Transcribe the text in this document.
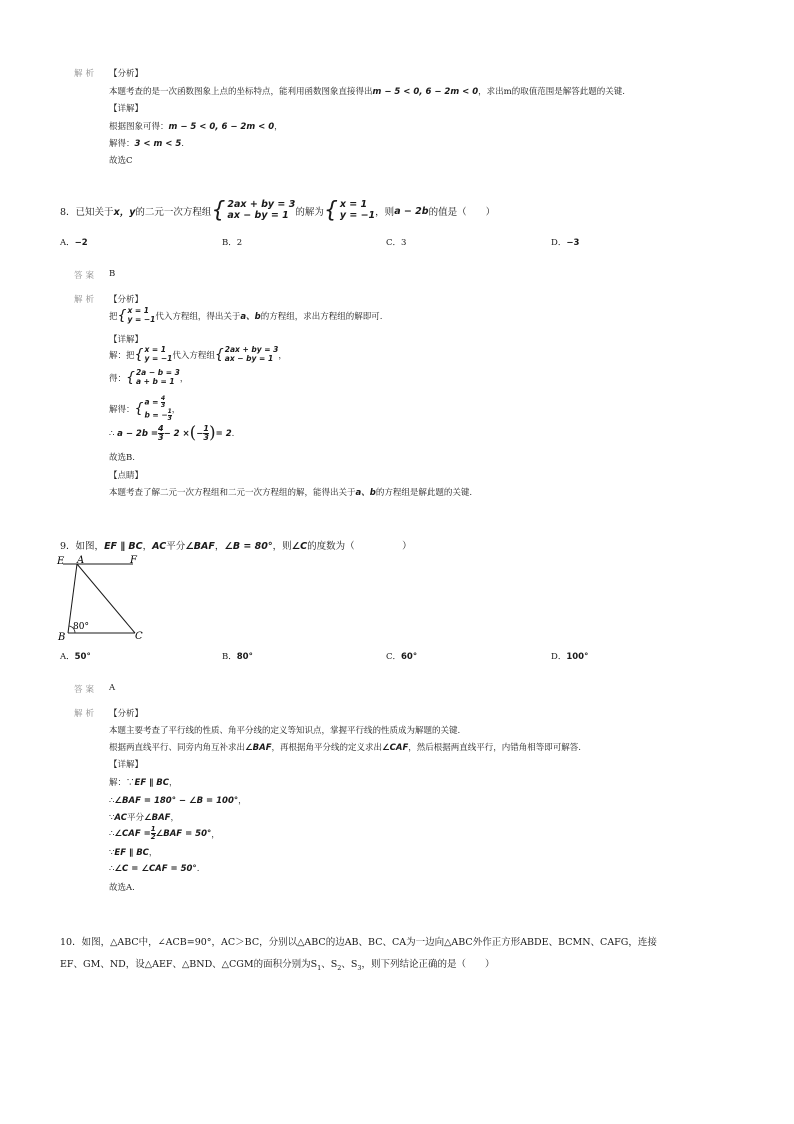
解析 【分析】
本题考查的是一次函数图象上点的坐标特点，能利用函数图象直接得出m − 5 < 0, 6 − 2m < 0，求出m的取值范围是解答此题的关键.
【详解】
根据图象可得：m − 5 < 0, 6 − 2m < 0，
解得：3 < m < 5.
故选C
8． 已知关于 x，y 的二元一次方程组 { 2ax + by = 3
ax − by = 1 的解为 { x = 1
y = −1 ，则 a − 2b 的值是（　　）
A．−2	B．2	C．3	D．−3
答案 B
解析 【分析】
把 { x = 1
y = −1 代入方程组，得出关于 a、b 的方程组，求出方程组的解即可.
【详解】
解：把 { x = 1
y = −1 代入方程组 { 2ax + by = 3
ax − by = 1 ，
得： { 2a − b = 3
a + b = 1 ，
解得： { $a = \frac{4}{3}$
b = − $\frac{1}{3}$ ，
∴
a − 2b =
4
3 − 2 × ( −
1
3 ) = 2 .
故选B.
【点睛】
本题考查了解二元一次方程组和二元一次方程组的解，能得出关于a、b的方程组是解此题的关键.
9．如图，EF ∥ BC，AC平分∠BAF，∠B = 80°，则∠C的度数为（　　　　　）
E A	F
B	C
80°
A．50°	B．80°	C．60°	D．100°
答案 A
解析 【分析】
本题主要考查了平行线的性质、角平分线的定义等知识点，掌握平行线的性质成为解题的关键.
根据两直线平行、同旁内角互补求出∠BAF，再根据角平分线的定义求出∠CAF，然后根据两直线平行，内错角相等即可解答.
【详解】
解：∵EF ∥ BC，
∴∠BAF = 180° − ∠B = 100°，
∵AC平分∠BAF，
∴ ∠CAF = $\frac{1}{2}$ ∠BAF = 50° ，
∵EF ∥ BC，
∴∠C = ∠CAF = 50°.
故选A.
10．如图，△ABC中，∠ACB=90°，AC＞BC，分别以△ABC的边AB、BC、CA为一边向△ABC外作正方形ABDE、BCMN、CAFG，连接
EF、GM、ND，设△AEF、△BND、△CGM的面积分别为$S_1$、$S_2$、$S_3$，则下列结论正确的是（　　）
